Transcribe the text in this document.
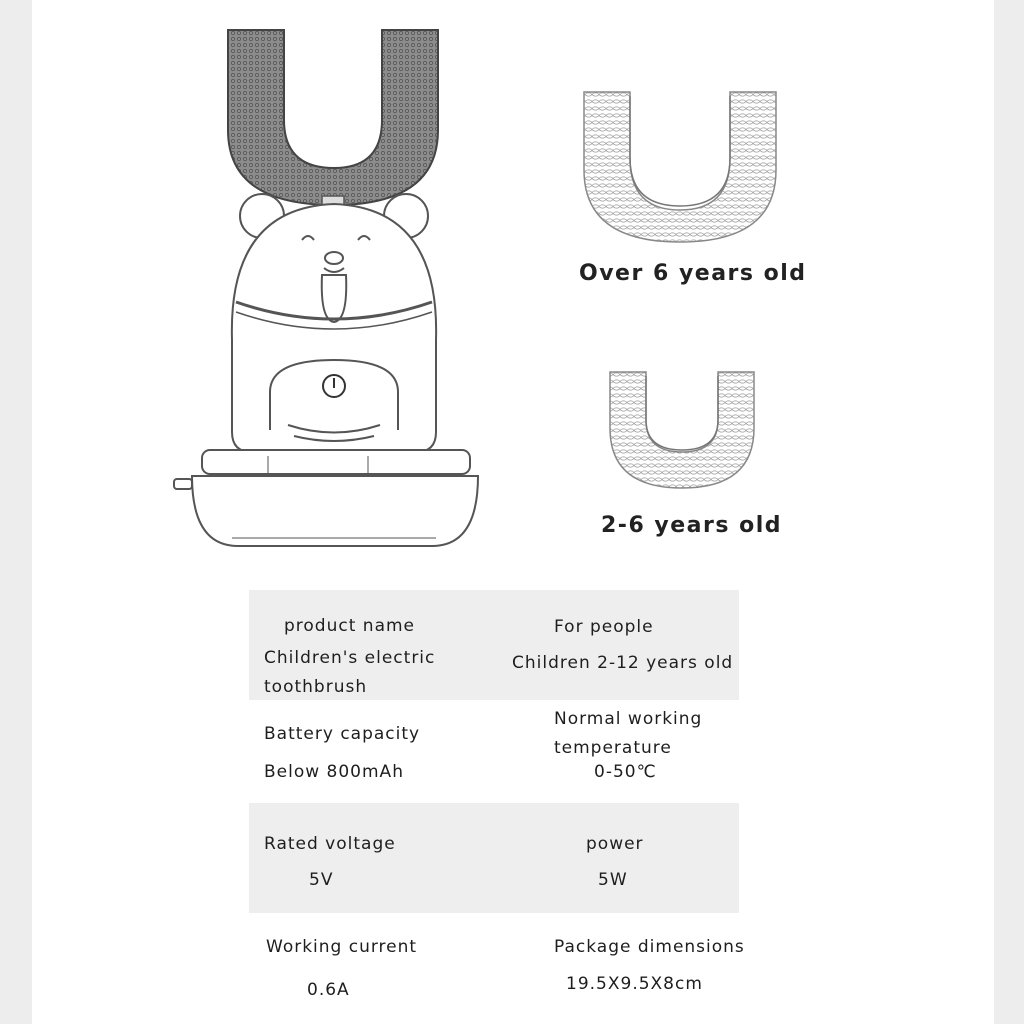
Over 6 years old
2-6 years old
product name
Children's electric
toothbrush
For people
Children 2-12 years old
Battery capacity
Below 800mAh
Normal working
temperature
0-50℃
Rated voltage
5V
power
5W
Working current
0.6A
Package dimensions
19.5X9.5X8cm
